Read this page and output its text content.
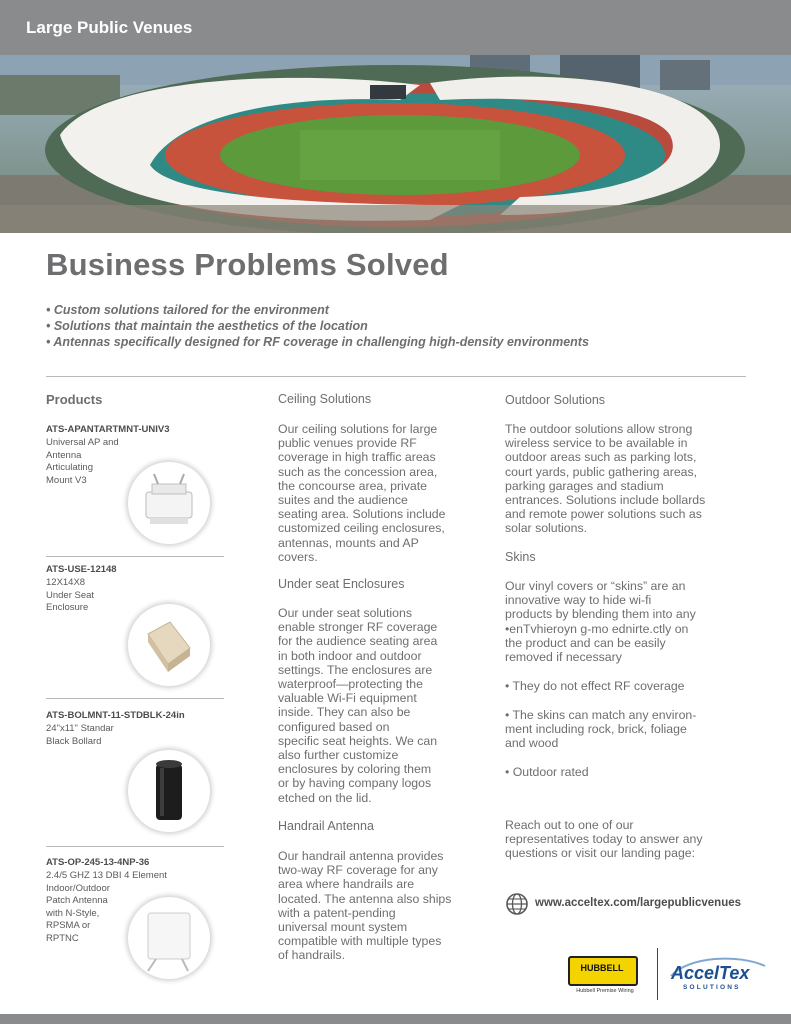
Large Public Venues
Business Problems Solved
• Custom solutions tailored for the environment
• Solutions that maintain the aesthetics of the location
• Antennas specifically designed for RF coverage in challenging high-density environments
Products
ATS-APANTARTMNT-UNIV3
Universal AP and Antenna
Articulating
Mount V3
ATS-USE-12148
12X14X8
Under Seat
Enclosure
ATS-BOLMNT-11-STDBLK-24in
24"x11" Standar
Black Bollard
ATS-OP-245-13-4NP-36
2.4/5 GHZ 13 DBI 4 Element
Indoor/Outdoor
Patch Antenna
with N-Style,
RPSMA or
RPTNC
Ceiling Solutions

Our ceiling solutions for large

public venues provide RF

coverage in high traffic areas

such as the concession area,

the concourse area, private

suites and the audience

seating area. Solutions include

customized ceiling enclosures,

antennas, mounts and AP

covers.

Under seat Enclosures

Our under seat solutions

enable stronger RF coverage

for the audience seating area

in both indoor and outdoor

settings. The enclosures are

waterproof—protecting the

valuable Wi-Fi equipment

inside. They can also be

configured based on

specific seat heights. We can

also further customize

enclosures by coloring them

or by having company logos

etched on the lid.

Handrail Antenna

Our handrail antenna provides

two-way RF coverage for any

area where handrails are

located. The antenna also ships

with a patent-pending

universal mount system

compatible with multiple types

of handrails.

Outdoor Solutions

The outdoor solutions allow strong

wireless service to be available in

outdoor areas such as parking lots,

court yards, public gathering areas,

parking garages and stadium

entrances. Solutions include bollards

and remote power solutions such as

solar solutions.

Skins

Our vinyl covers or “skins” are an

innovative way to hide wi-fi

products by blending them into any

•enTvhieroyn g-mo ednirte.ctly on

the product and can be easily

removed if necessary

• They do not effect RF coverage

• The skins can match any environ-

ment including rock, brick, foliage

and wood

• Outdoor rated

Reach out to one of our

representatives today to answer any

questions or visit our landing page:

www.acceltex.com/largepublicvenues
HUBBELL
Hubbell Premise Wiring
AccelTex
SOLUTIONS
